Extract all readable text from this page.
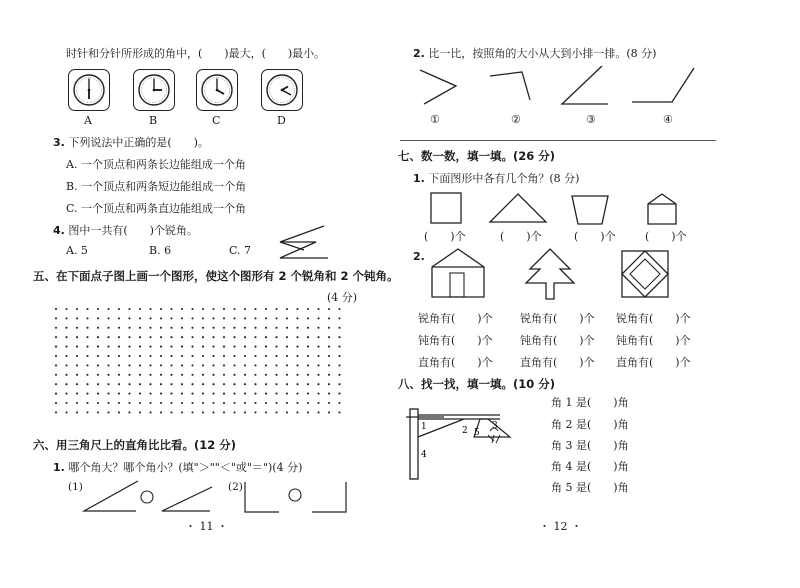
时针和分针所形成的角中，(　　)最大，(　　)最小。
A	B	C	D
3. 下列说法中正确的是(　　)。
A. 一个顶点和两条长边能组成一个角
B. 一个顶点和两条短边能组成一个角
C. 一个顶点和两条直边能组成一个角
4. 图中一共有(　　)个锐角。
A. 5	B. 6	C. 7
五、在下面点子图上画一个图形，使这个图形有 2 个锐角和 2 个钝角。
(4 分)
六、用三角尺上的直角比比看。(12 分)
1. 哪个角大？哪个角小？(填"＞""＜"或"＝")(4 分)
(1)	(2)
・ 11 ・
2. 比一比，按照角的大小从大到小排一排。(8 分)
①	②	③	④
七、数一数，填一填。(26 分)
1. 下面图形中各有几个角？(8 分)
(　　)个	(　　)个	(　　)个	(　　)个
2.
锐角有(　　)个
钝角有(　　)个
直角有(　　)个
锐角有(　　)个
钝角有(　　)个
直角有(　　)个
锐角有(　　)个
钝角有(　　)个
直角有(　　)个
八、找一找，填一填。(10 分)
1	2	3
4
5
角 1 是(　　)角
角 2 是(　　)角
角 3 是(　　)角
角 4 是(　　)角
角 5 是(　　)角
・ 12 ・
